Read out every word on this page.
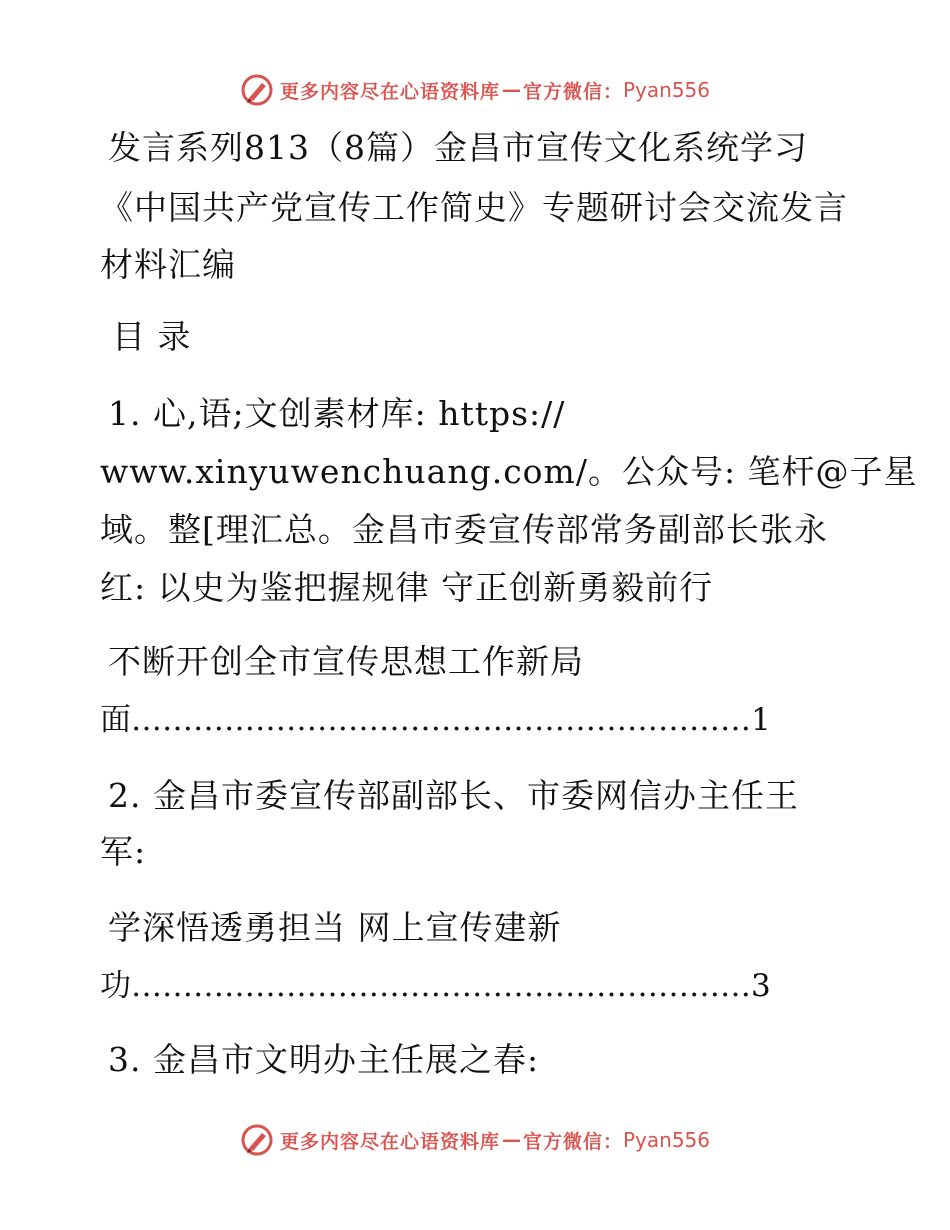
更多内容尽在心语资料库 — 官方微信： Pyan556
发言系列813（8篇）金昌市宣传文化系统学习
《中国共产党宣传工作简史》专题研讨会交流发言
材料汇编
目 录
1. 心,语;文创素材库: https://
www.xinyuwenchuang.com/。公众号: 笔杆@子星
域。整[理汇总。金昌市委宣传部常务副部长张永
红: 以史为鉴把握规律 守正创新勇毅前行
不断开创全市宣传思想工作新局
面……………………………………………………1
2. 金昌市委宣传部副部长、市委网信办主任王
军:
学深悟透勇担当 网上宣传建新
功……………………………………………………3
3. 金昌市文明办主任展之春:
更多内容尽在心语资料库 — 官方微信： Pyan556
